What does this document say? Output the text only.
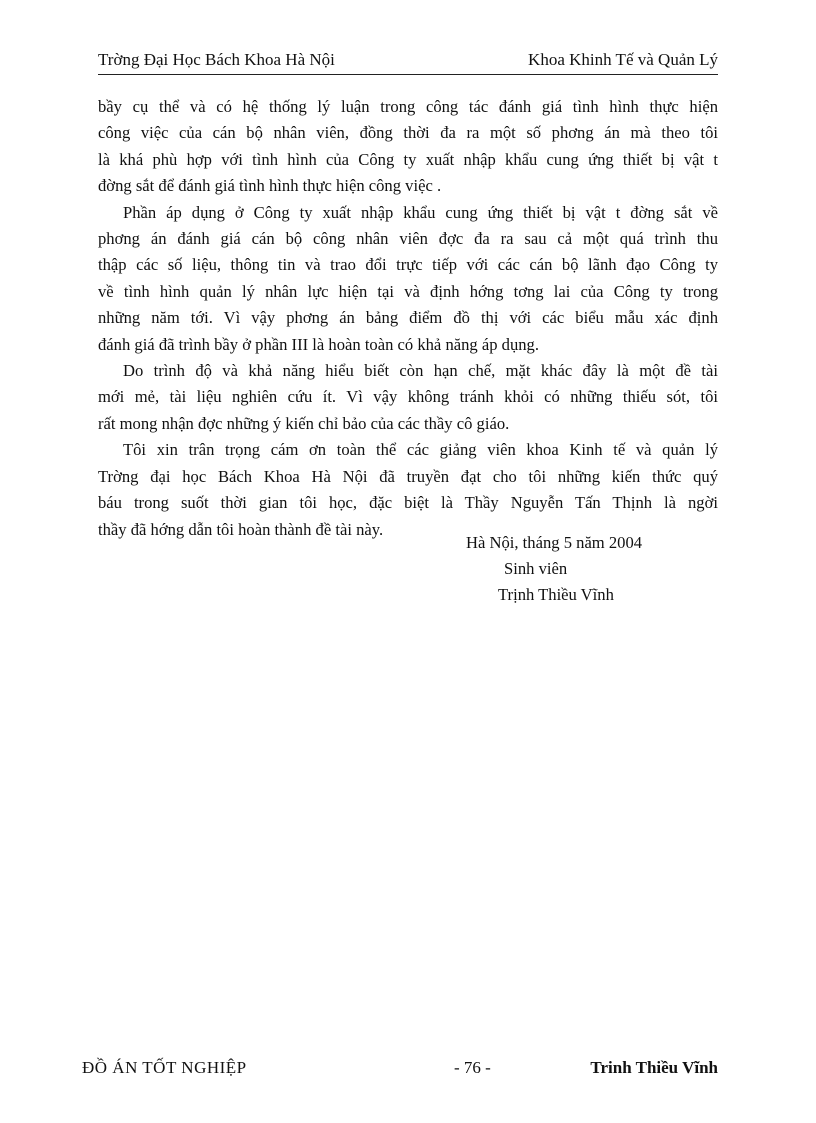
Trờng Đại Học Bách Khoa Hà Nội	Khoa Khinh Tế và Quản Lý

bầy cụ thể và có hệ thống lý luận trong công tác đánh giá tình hình thực hiện
công việc của cán bộ nhân viên, đồng thời đa ra một số phơng án mà theo tôi
là khá phù hợp với tình hình của Công ty xuất nhập khẩu cung ứng thiết bị vật t
đờng sắt để đánh giá tình hình thực hiện công việc .

Phần áp dụng ở Công ty xuất nhập khẩu cung ứng thiết bị vật t đờng sắt về
phơng án đánh giá cán bộ công nhân viên đợc đa ra sau cả một quá trình thu
thập các số liệu, thông tin và trao đổi trực tiếp với các cán bộ lãnh đạo Công ty
về tình hình quản lý nhân lực hiện tại và định hớng tơng lai của Công ty trong
những năm tới. Vì vậy phơng án bảng điểm đồ thị với các biểu mẫu xác định
đánh giá đã trình bầy ở phần III là hoàn toàn có khả năng áp dụng.

Do trình độ và khả năng hiểu biết còn hạn chế, mặt khác đây là một đề tài
mới mẻ, tài liệu nghiên cứu ít. Vì vậy không tránh khỏi có những thiếu sót, tôi
rất mong nhận đợc những ý kiến chỉ bảo của các thầy cô giáo.

Tôi xin trân trọng cám ơn toàn thể các giảng viên khoa Kinh tế và quản lý
Trờng đại học Bách Khoa Hà Nội đã truyền đạt cho tôi những kiến thức quý
báu trong suốt thời gian tôi học, đặc biệt là Thầy Nguyễn Tấn Thịnh là ngời
thầy đã hớng dẫn tôi hoàn thành đề tài này.

Hà Nội, tháng 5 năm 2004
Sinh viên
Trịnh Thiều Vĩnh
ĐỒ ÁN TỐT NGHIỆP	- 76 -	Trinh Thiều Vĩnh
